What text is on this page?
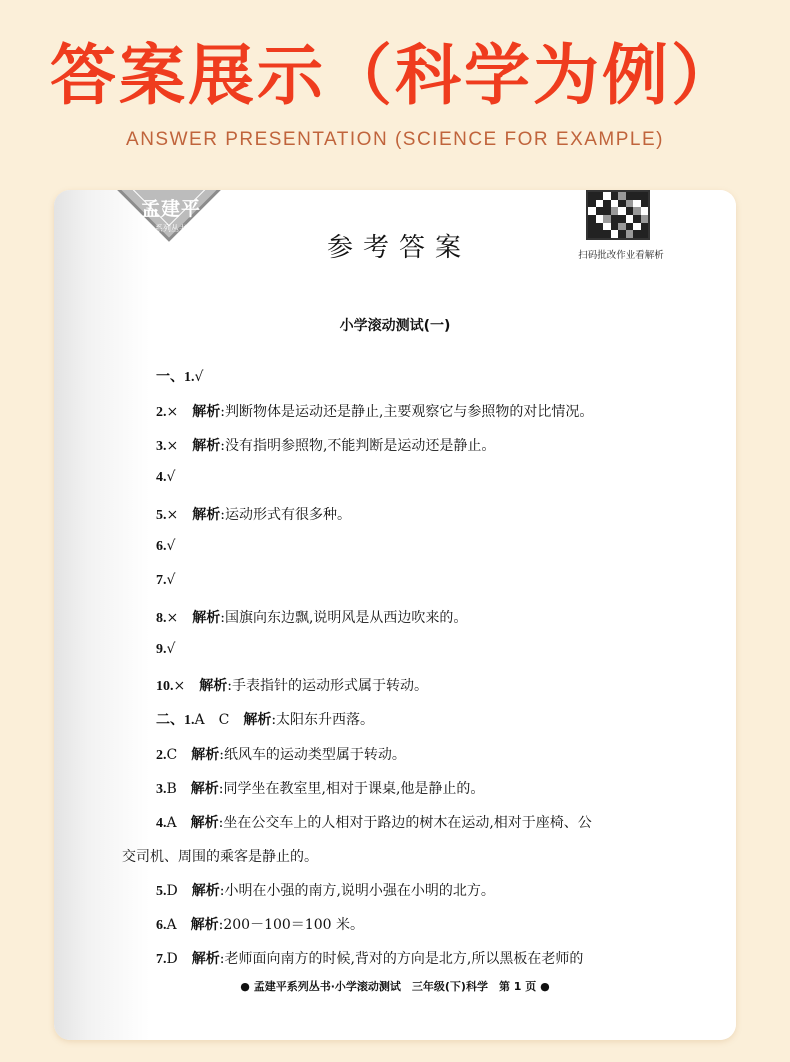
答案展示（科学为例）
ANSWER PRESENTATION (SCIENCE FOR EXAMPLE)
孟建平
系列丛书
扫码批改作业看解析
参考答案
小学滚动测试(一)
一、1.√
2.× 解析:判断物体是运动还是静止,主要观察它与参照物的对比情况。
3.× 解析:没有指明参照物,不能判断是运动还是静止。
4.√
5.× 解析:运动形式有很多种。
6.√
7.√
8.× 解析:国旗向东边飘,说明风是从西边吹来的。
9.√
10.× 解析:手表指针的运动形式属于转动。
二、1.A　C 解析:太阳东升西落。
2.C 解析:纸风车的运动类型属于转动。
3.B 解析:同学坐在教室里,相对于课桌,他是静止的。
4.A 解析:坐在公交车上的人相对于路边的树木在运动,相对于座椅、公
交司机、周围的乘客是静止的。
5.D 解析:小明在小强的南方,说明小强在小明的北方。
6.A 解析:200－100＝100 米。
7.D 解析:老师面向南方的时候,背对的方向是北方,所以黑板在老师的
● 孟建平系列丛书·小学滚动测试　三年级(下)科学　第 1 页 ●
